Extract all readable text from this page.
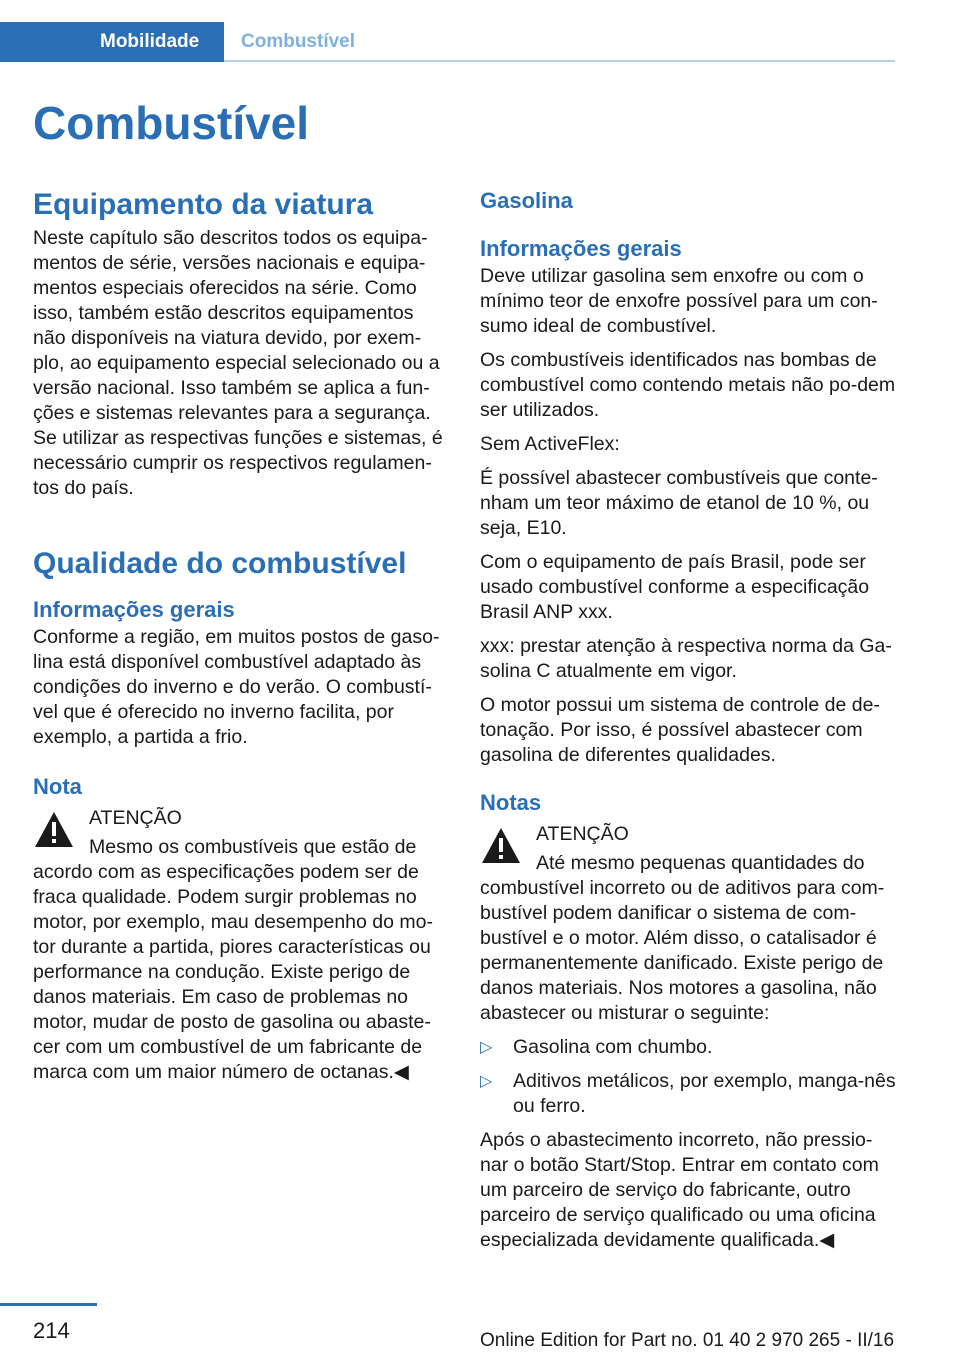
Mobilidade Combustível
Combustível
Equipamento da viatura

Neste capítulo são descritos todos os equipa‐mentos de série, versões nacionais e equipa‐mentos especiais oferecidos na série. Como isso, também estão descritos equipamentos não disponíveis na viatura devido, por exem‐plo, ao equipamento especial selecionado ou a versão nacional. Isso também se aplica a fun‐ções e sistemas relevantes para a segurança. Se utilizar as respectivas funções e sistemas, é necessário cumprir os respectivos regulamen‐tos do país.

Qualidade do combustível
Informações gerais

Conforme a região, em muitos postos de gaso‐lina está disponível combustível adaptado às condições do inverno e do verão. O combustí‐vel que é oferecido no inverno facilita, por exemplo, a partida a frio.

Nota

ATENÇÃO

Mesmo os combustíveis que estão de acordo com as especificações podem ser de fraca qualidade. Podem surgir problemas no motor, por exemplo, mau desempenho do mo‐tor durante a partida, piores características ou performance na condução. Existe perigo de danos materiais. Em caso de problemas no motor, mudar de posto de gasolina ou abaste‐cer com um combustível de um fabricante de marca com um maior número de octanas.◀

Gasolina
Informações gerais

Deve utilizar gasolina sem enxofre ou com o mínimo teor de enxofre possível para um con‐sumo ideal de combustível.

Os combustíveis identificados nas bombas de combustível como contendo metais não po‐dem ser utilizados.

Sem ActiveFlex:

É possível abastecer combustíveis que conte‐nham um teor máximo de etanol de 10 %, ou seja, E10.

Com o equipamento de país Brasil, pode ser usado combustível conforme a especificação Brasil ANP xxx.

xxx: prestar atenção à respectiva norma da Ga‐solina C atualmente em vigor.

O motor possui um sistema de controle de de‐tonação. Por isso, é possível abastecer com gasolina de diferentes qualidades.

Notas

ATENÇÃO

Até mesmo pequenas quantidades do combustível incorreto ou de aditivos para com‐bustível podem danificar o sistema de com‐bustível e o motor. Além disso, o catalisador é permanentemente danificado. Existe perigo de danos materiais. Nos motores a gasolina, não abastecer ou misturar o seguinte:

▷ Gasolina com chumbo.
▷ Aditivos metálicos, por exemplo, manga‐nês ou ferro.

Após o abastecimento incorreto, não pressio‐nar o botão Start/Stop. Entrar em contato com um parceiro de serviço do fabricante, outro parceiro de serviço qualificado ou uma oficina especializada devidamente qualificada.◀

214	Online Edition for Part no. 01 40 2 970 265 - II/16
